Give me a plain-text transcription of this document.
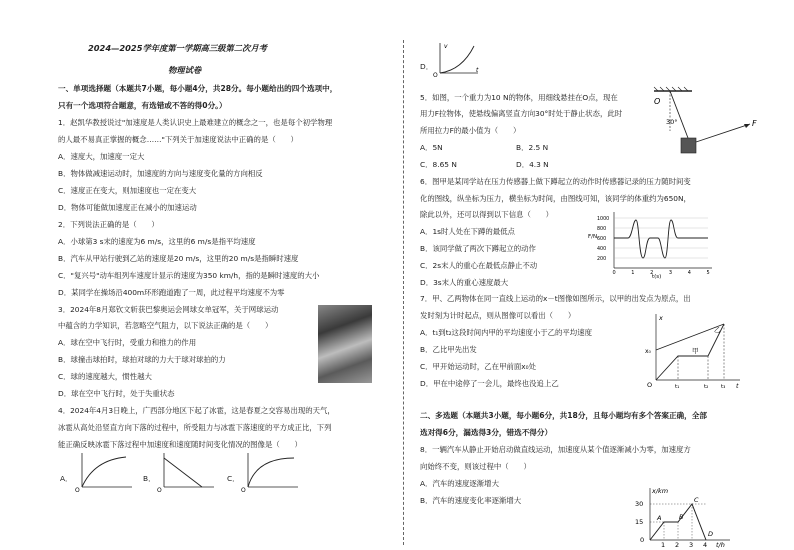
2024—2025学年度第一学期高三级第二次月考
物理试卷
一、单项选择题（本题共7小题，每小题4分，共28分。每小题给出的四个选项中，
只有一个选项符合题意，有选错或不答的得0分。）
1．赵凯华教授说过"加速度是人类认识史上最难建立的概念之一，也是每个初学物理
的人最不易真正掌握的概念……"下列关于加速度说法中正确的是（　　）
A．速度大，加速度一定大
B．物体做减速运动时，加速度的方向与速度变化量的方向相反
C．速度正在变大，则加速度也一定在变大
D．物体可能做加速度正在减小的加速运动
2．下列说法正确的是（　　）
A．小球第3 s末的速度为6 m/s，这里的6 m/s是指平均速度
B．汽车从甲站行驶到乙站的速度是20 m/s，这里的20 m/s是指瞬时速度
C．"复兴号"动车组列车速度计显示的速度为350 km/h，指的是瞬时速度的大小
D．某同学在操场沿400m环形跑道跑了一周，此过程平均速度不为零
3．2024年8月郑钦文斩获巴黎奥运会网球女单冠军，关于网球运动
中蕴含的力学知识，若忽略空气阻力，以下说法正确的是（　　）
A．球在空中飞行时，受重力和推力的作用
B．球撞击球拍时，球拍对球的力大于球对球拍的力
C．球的速度越大，惯性越大
D．球在空中飞行时，处于失重状态
4．2024年4月3日晚上，广西部分地区下起了冰雹，这是春夏之交容易出现的天气，
冰雹从高处沿竖直方向下落的过程中，所受阻力与冰雹下落速度的平方成正比，下列
能正确反映冰雹下落过程中加速度和速度随时间变化情况的图像是（　　）
A．	B．	C．
O	O	O
D．
v
t
O
5．如图，一个重力为10 N的物体，用细线悬挂在O点，现在
用力F拉物体，使悬线偏离竖直方向30°时处于静止状态，此时
所用拉力F的最小值为（　　）
A．5N	B．2.5 N
C．8.65 N	D．4.3 N
O
30°	F
6．图甲是某同学站在压力传感器上做下蹲起立的动作时传感器记录的压力随时间变
化的图线，纵坐标为压力，横坐标为时间，由图线可知，该同学的体重约为650N，
除此以外，还可以得到以下信息（　　）
A．1s时人处在下蹲的最低点
B．该同学做了两次下蹲起立的动作
C．2s末人的重心在最低点静止不动
D．3s末人的重心速度最大
1000
800
600
400
200
0	1	2	3	4	5
F/N
t(s)
7．甲、乙两物体在同一直线上运动的x－t图像如图所示，以甲的出发点为原点，出
发时刻为计时起点，则从图像可以看出（　　）
A．t₁到t₂这段时间内甲的平均速度小于乙的平均速度
B．乙比甲先出发
C．甲开始运动时，乙在甲前面x₀处
D．甲在中途停了一会儿，最终也没追上乙
x
x₀
O	t
t₁	t₂ t₃
甲
乙
二、多选题（本题共3小题，每小题6分，共18分，且每小题均有多个答案正确，全部
选对得6分，漏选得3分，错选不得分）
8．一辆汽车从静止开始启动做直线运动，加速度从某个值逐渐减小为零，加速度方
向始终不变，则该过程中（　　）
A．汽车的速度逐渐增大
B．汽车的速度变化率逐渐增大
x/km
t/h
30
15
0
1 2 3 4
A	B
C
D
